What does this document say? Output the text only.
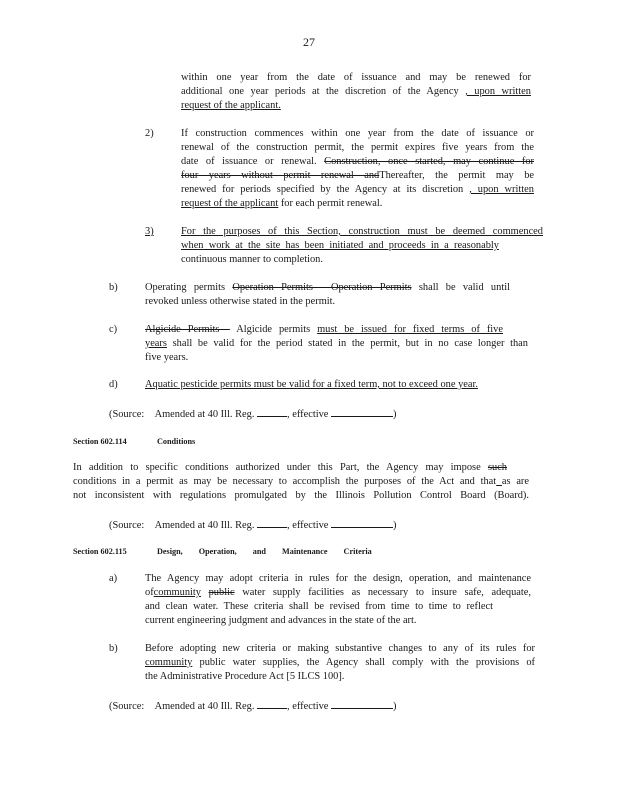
27
within one year from the date of issuance and may be renewed for
additional one year periods at the discretion of the Agency , upon written
request of the applicant.
2)	If construction commences within one year from the date of issuance or
renewal of the construction permit, the permit expires five years from the
date of issuance or renewal. Construction, once started, may continue for
four years without permit renewal andThereafter, the permit may be
renewed for periods specified by the Agency at its discretion , upon written
request of the applicant for each permit renewal.
3)	For the purposes of this Section, construction must be deemed commenced
when work at the site has been initiated and proceeds in a reasonably
continuous manner to completion.
b)	Operating permits Operation Permits - Operation Permits shall be valid until
revoked unless otherwise stated in the permit.
c)	Algicide Permits - Algicide permits must be issued for fixed terms of five
years shall be valid for the period stated in the permit, but in no case longer than
five years.
d)	Aquatic pesticide permits must be valid for a fixed term, not to exceed one year.
(Source: Amended at 40 Ill. Reg.	, effective	)
Section 602.114	Conditions
In addition to specific conditions authorized under this Part, the Agency may impose such
conditions in a permit as may be necessary to accomplish the purposes of the Act and that as are
not inconsistent with regulations promulgated by the Illinois Pollution Control Board (Board).
(Source: Amended at 40 Ill. Reg.	, effective	)
Section 602.115	Design, Operation, and Maintenance Criteria
a)	The Agency may adopt criteria in rules for the design, operation, and maintenance
ofcommunity public water supply facilities as necessary to insure safe, adequate,
and clean water. These criteria shall be revised from time to time to reflect
current engineering judgment and advances in the state of the art.
b)	Before adopting new criteria or making substantive changes to any of its rules for
community public water supplies, the Agency shall comply with the provisions of
the Administrative Procedure Act [5 ILCS 100].
(Source: Amended at 40 Ill. Reg.	, effective	)
